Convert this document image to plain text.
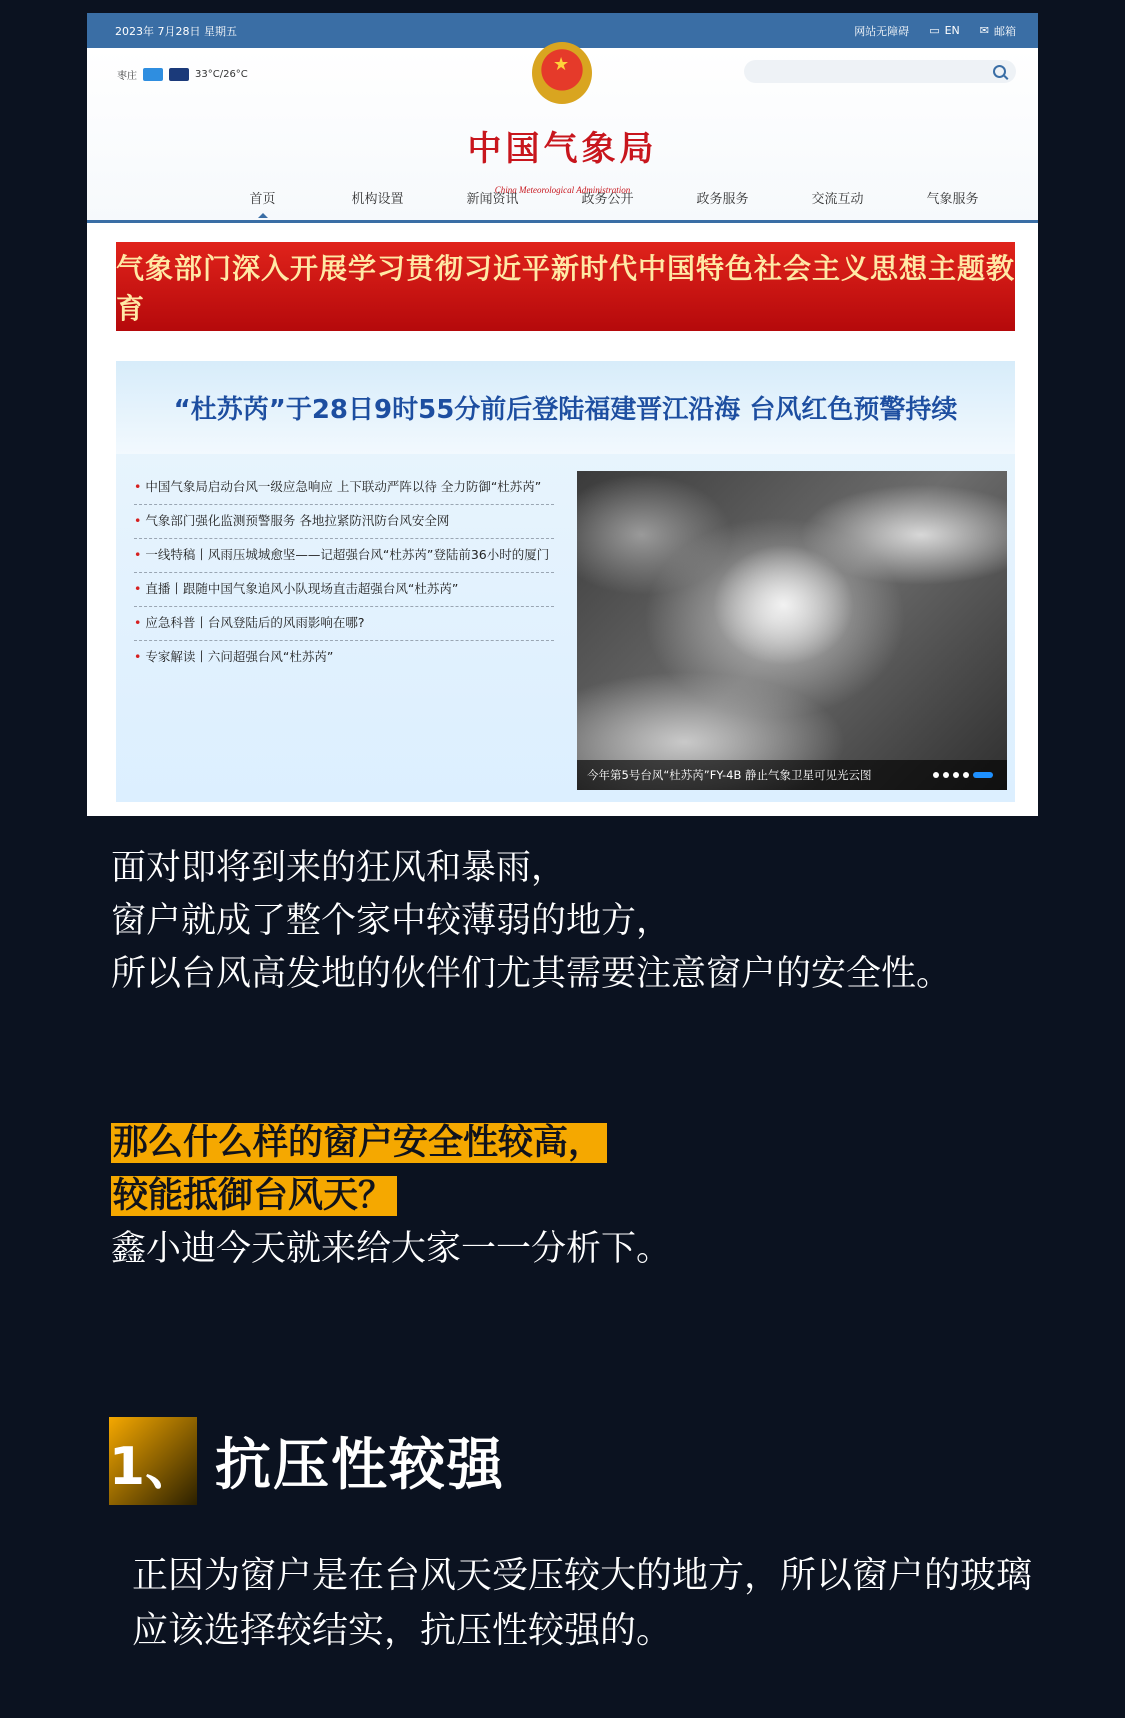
2023年 7月28日 星期五	网站无障碍 ▭ EN ✉ 邮箱
枣庄	33°C/26°C
★
中国气象局
China Meteorological Administration
首页	机构设置	新闻资讯	政务公开	政务服务	交流互动	气象服务
气象部门深入开展学习贯彻习近平新时代中国特色社会主义思想主题教育
“杜苏芮”于28日9时55分前后登陆福建晋江沿海 台风红色预警持续
• 中国气象局启动台风一级应急响应 上下联动严阵以待 全力防御“杜苏芮”
• 气象部门强化监测预警服务 各地拉紧防汛防台风安全网
• 一线特稿丨风雨压城城愈坚——记超强台风“杜苏芮”登陆前36小时的厦门
• 直播丨跟随中国气象追风小队现场直击超强台风“杜苏芮”
• 应急科普丨台风登陆后的风雨影响在哪?
• 专家解读丨六问超强台风“杜苏芮”
今年第5号台风“杜苏芮”FY-4B 静止气象卫星可见光云图
面对即将到来的狂风和暴雨，
窗户就成了整个家中较薄弱的地方，
所以台风高发地的伙伴们尤其需要注意窗户的安全性。
那么什么样的窗户安全性较高，
较能抵御台风天？
鑫小迪今天就来给大家一一分析下。
1、 抗压性较强
正因为窗户是在台风天受压较大的地方，所以窗户的玻璃应该选择较结实，抗压性较强的。
